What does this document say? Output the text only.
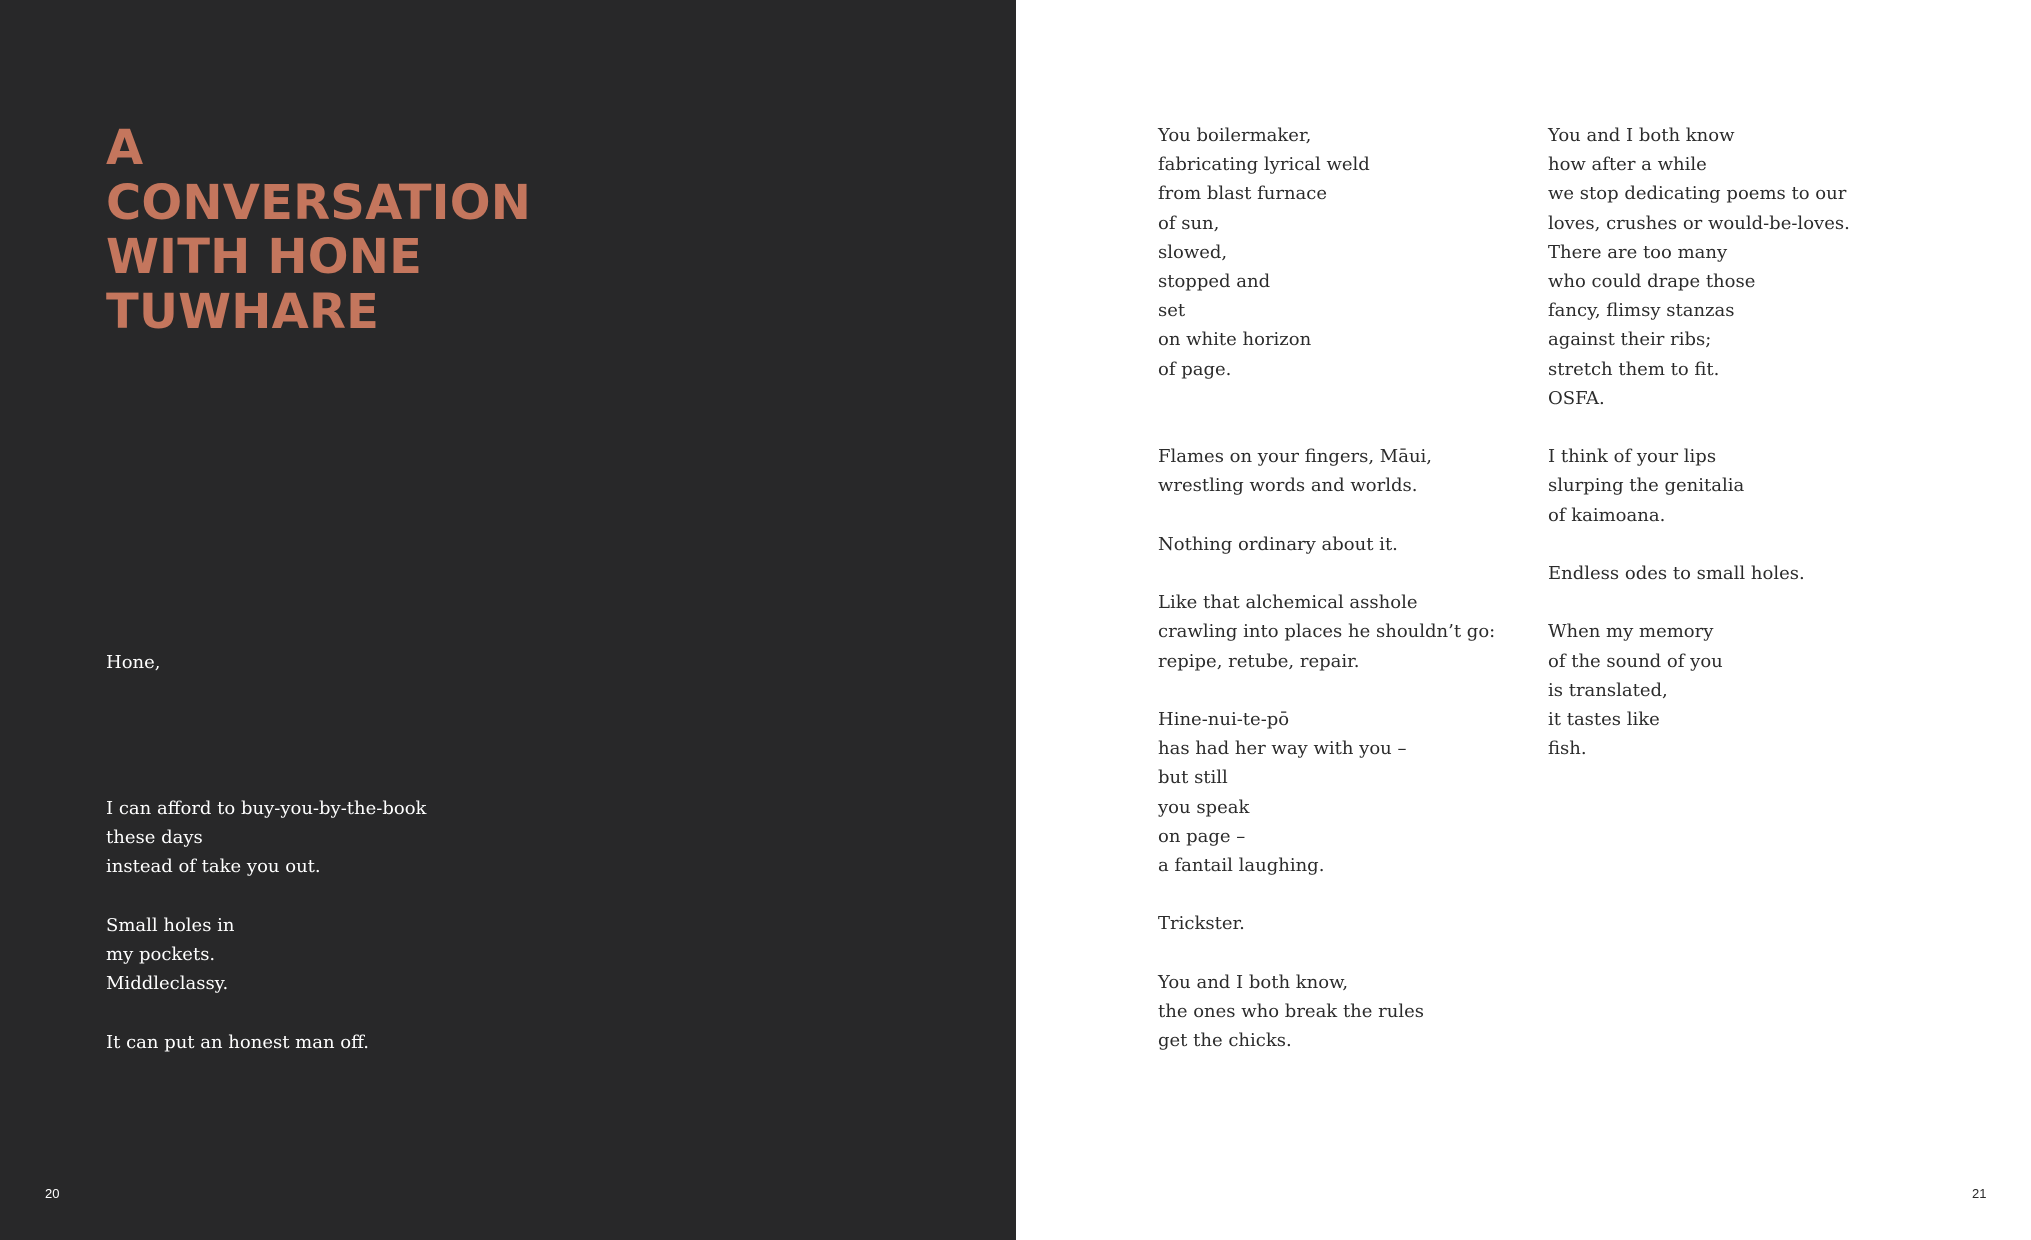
A
CONVERSATION
WITH HONE
TUWHARE
Hone,

I can afford to buy-you-by-the-book
these days
instead of take you out.

Small holes in
my pockets.
Middleclassy.

It can put an honest man off.

20	21

You boilermaker,
fabricating lyrical weld
from blast furnace
of sun,
slowed,
stopped and
set
on white horizon
of page.

Flames on your fingers, Māui,
wrestling words and worlds.

Nothing ordinary about it.

Like that alchemical asshole
crawling into places he shouldn’t go:
repipe, retube, repair.

Hine-nui-te-pō
has had her way with you –
but still
you speak
on page –
a fantail laughing.

Trickster.

You and I both know,
the ones who break the rules
get the chicks.

You and I both know
how after a while
we stop dedicating poems to our
loves, crushes or would-be-loves.
There are too many
who could drape those
fancy, flimsy stanzas
against their ribs;
stretch them to fit.
OSFA.

I think of your lips
slurping the genitalia
of kaimoana.

Endless odes to small holes.

When my memory
of the sound of you
is translated,
it tastes like
fish.
